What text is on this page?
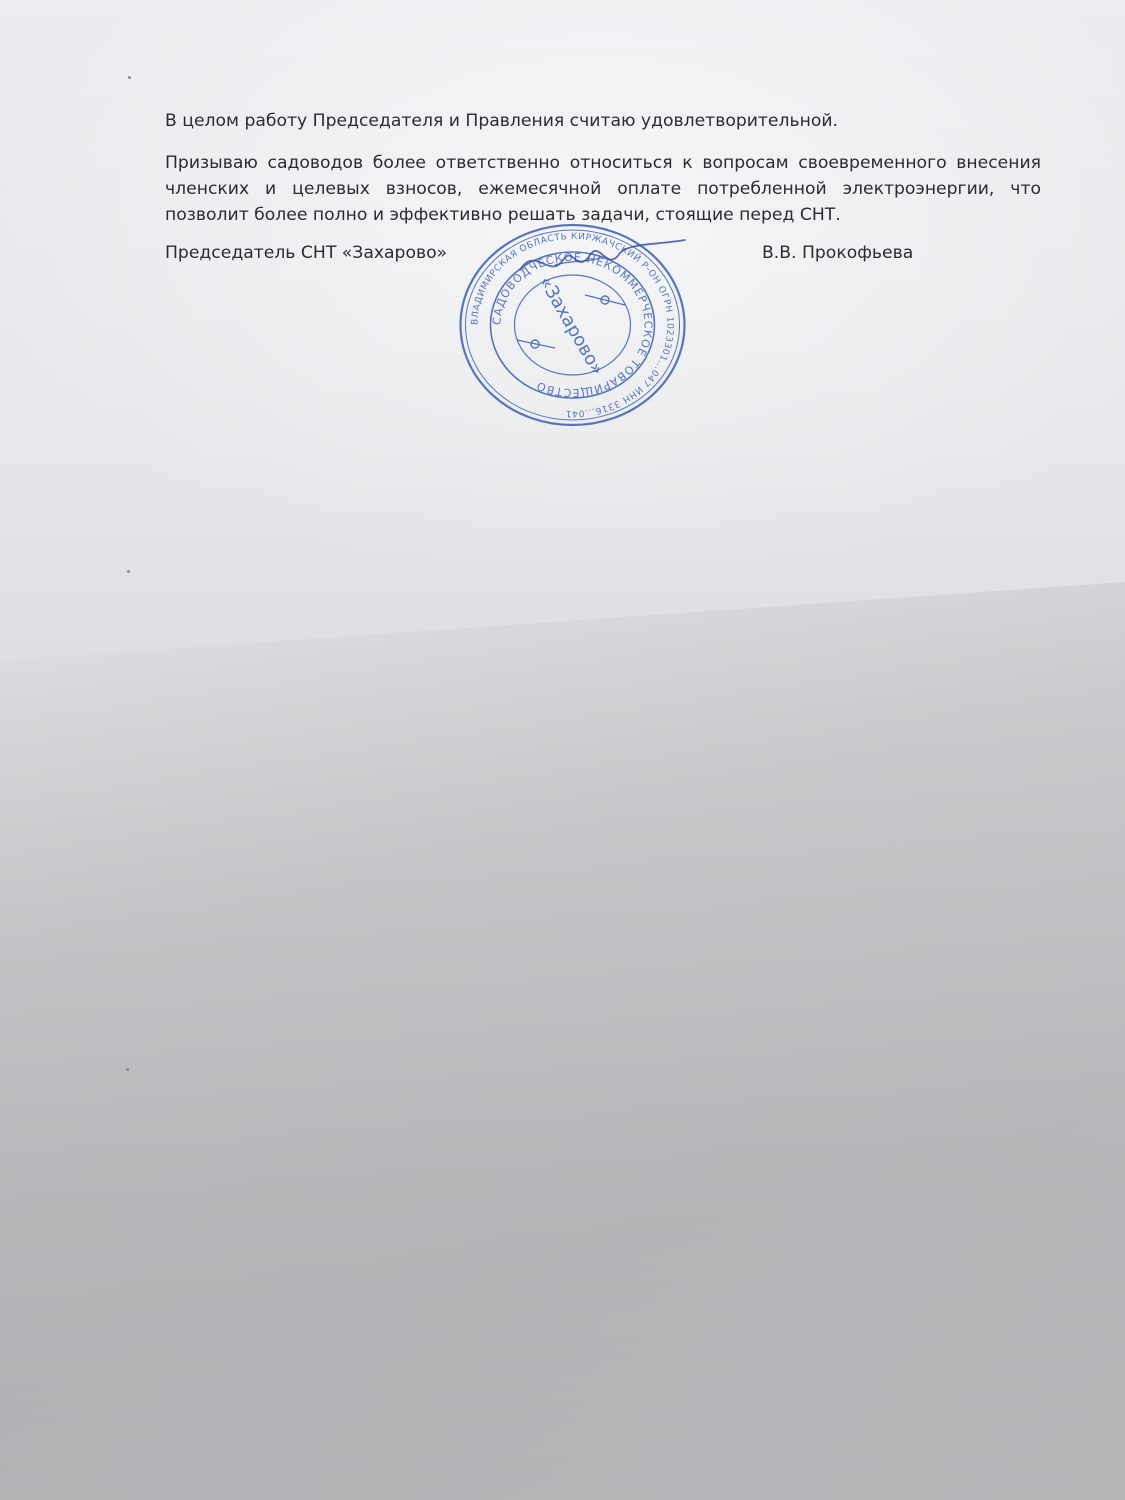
В целом работу Председателя и Правления считаю удовлетворительной.
Призываю садоводов более ответственно относиться к вопросам своевременного внесения членских и целевых взносов, ежемесячной оплате потребленной электроэнергии, что позволит более полно и эффективно решать задачи, стоящие перед СНТ.
Председатель СНТ «Захарово»	В.В. Прокофьева
ВЛАДИМИРСКАЯ ОБЛАСТЬ КИРЖАЧСКИЙ Р-ОН ОГРН 1023301...047 ИНН 3316...041
САДОВОДЧЕСКОЕ НЕКОММЕРЧЕСКОЕ ТОВАРИЩЕСТВО
«Захарово»
